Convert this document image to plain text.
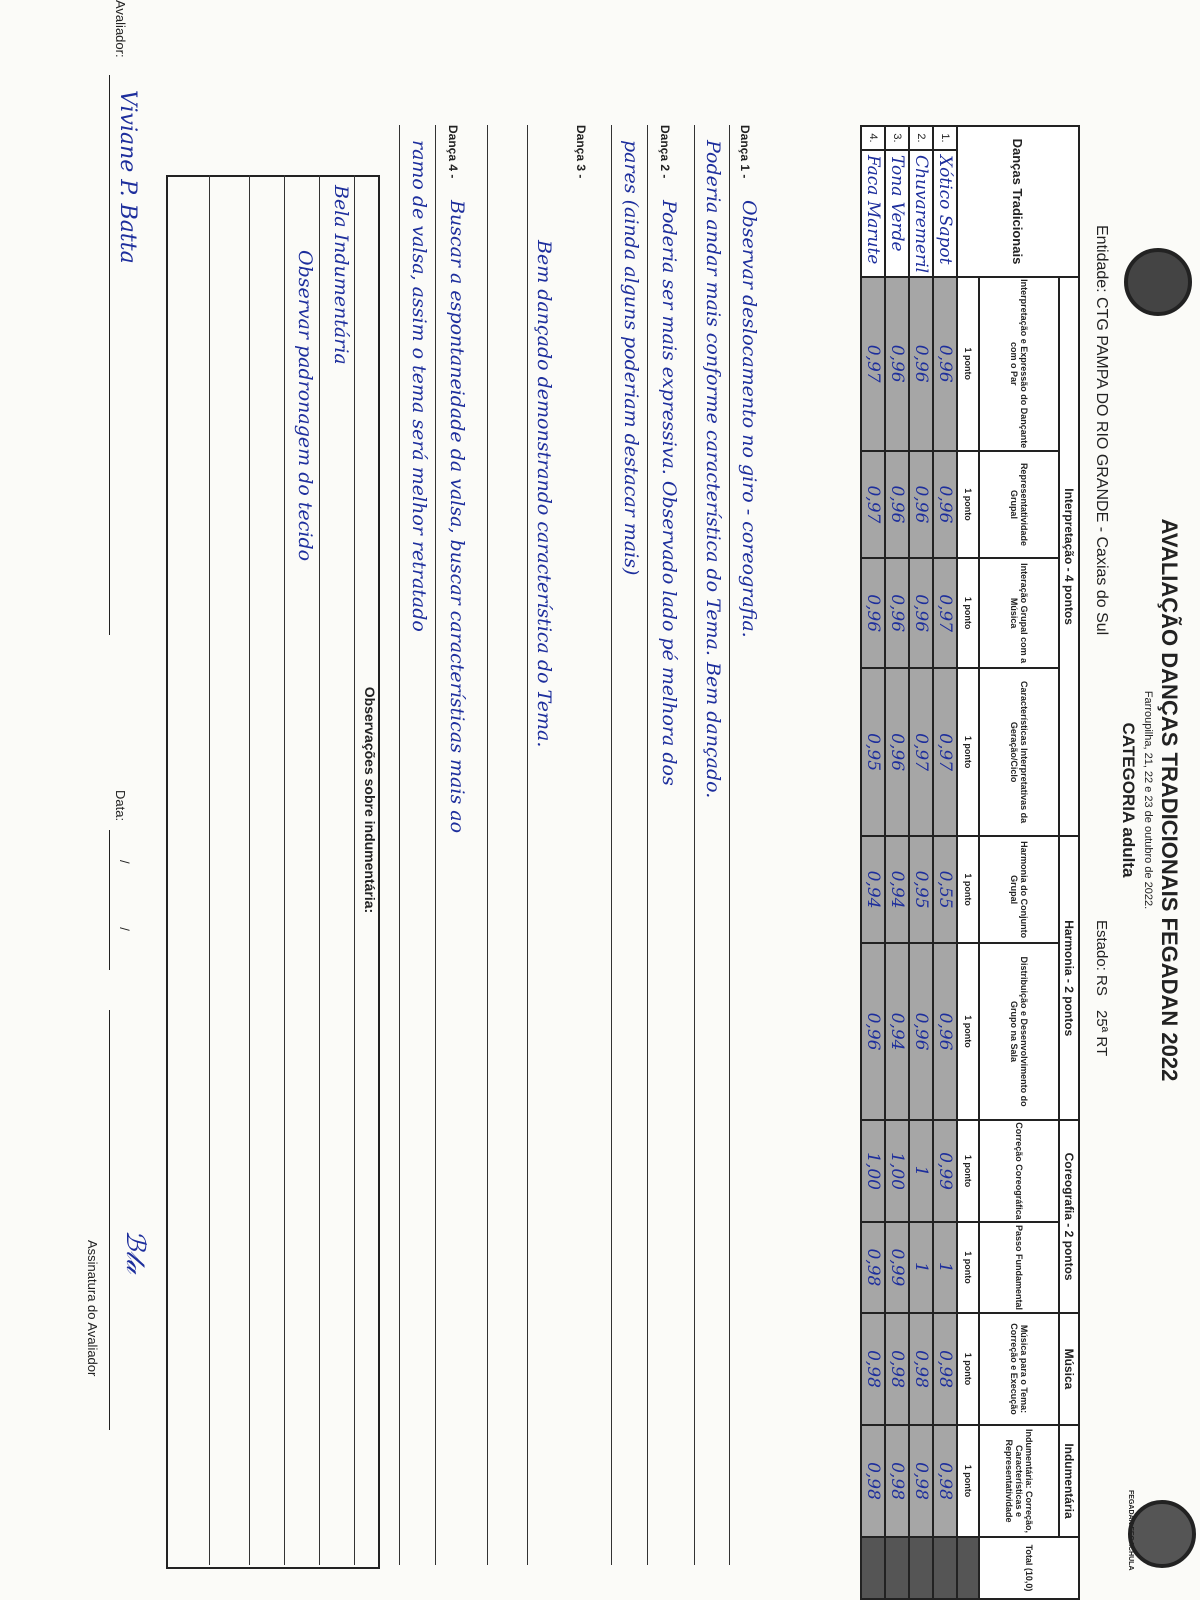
FEGADAN FEGACHULA
AVALIAÇÃO DANÇAS TRADICIONAIS FEGADAN 2022
Farroupilha, 21, 22 e 23 de outubro de 2022.
CATEGORIA adulta
Entidade: CTG PAMPA DO RIO GRANDE - Caxias do Sul
Estado: RS
25ª RT
Danças Tradicionais		Interpretação - 4 pontos				Harmonia - 2 pontos		Coreografia - 2 pontos		Música	Indumentária	Total (10,0)
		Interpretação e Expressão do Dançante com o Par	Representatividade Grupal	Interação Grupal com a Música	Características Interpretativas da Geração/Ciclo	Harmonia do Conjunto Grupal	Distribuição e Desenvolvimento do Grupo na Sala	Correção Coreográfica	Passo Fundamental	Música para o Tema: Correção e Execução	Indumentária: Correção, Características e Representatividade	
		1 ponto	1 ponto	1 ponto	1 ponto	1 ponto	1 ponto	1 ponto	1 ponto	1 ponto	1 ponto	
1.	Xótico Sapot	0,96	0,96	0,97	0,97	0,55	0,96	0,99	1	0,98	0,98	
2.	Chuvaremeril	0,96	0,96	0,96	0,97	0,95	0,96	1	1	0,98	0,98	
3.	Tona Verde	0,96	0,96	0,96	0,96	0,94	0,94	1,00	0,99	0,98	0,98	
4.	Faca Marute	0,97	0,97	0,96	0,95	0,94	0,96	1,00	0,98	0,98	0,98	
Dança 1 -
Observar deslocamento no giro - coreografia.
Poderia andar mais conforme característica do Tema. Bem dançado.
Dança 2 -
Poderia ser mais expressiva. Observado lado pé melhora dos
pares (ainda alguns poderiam destacar mais)
Dança 3 -
Bem dançado demonstrando característica do Tema.
Dança 4 -
Buscar a espontaneidade da valsa, buscar características mais ao
ramo de valsa, assim o tema será melhor retratado
Observações sobre indumentária:
Bela Indumentária
Observar padronagem do tecido
Avaliador:
Viviane P. Batta
Data:
/ /
ℬ𝓁𝒶
Assinatura do Avaliador
